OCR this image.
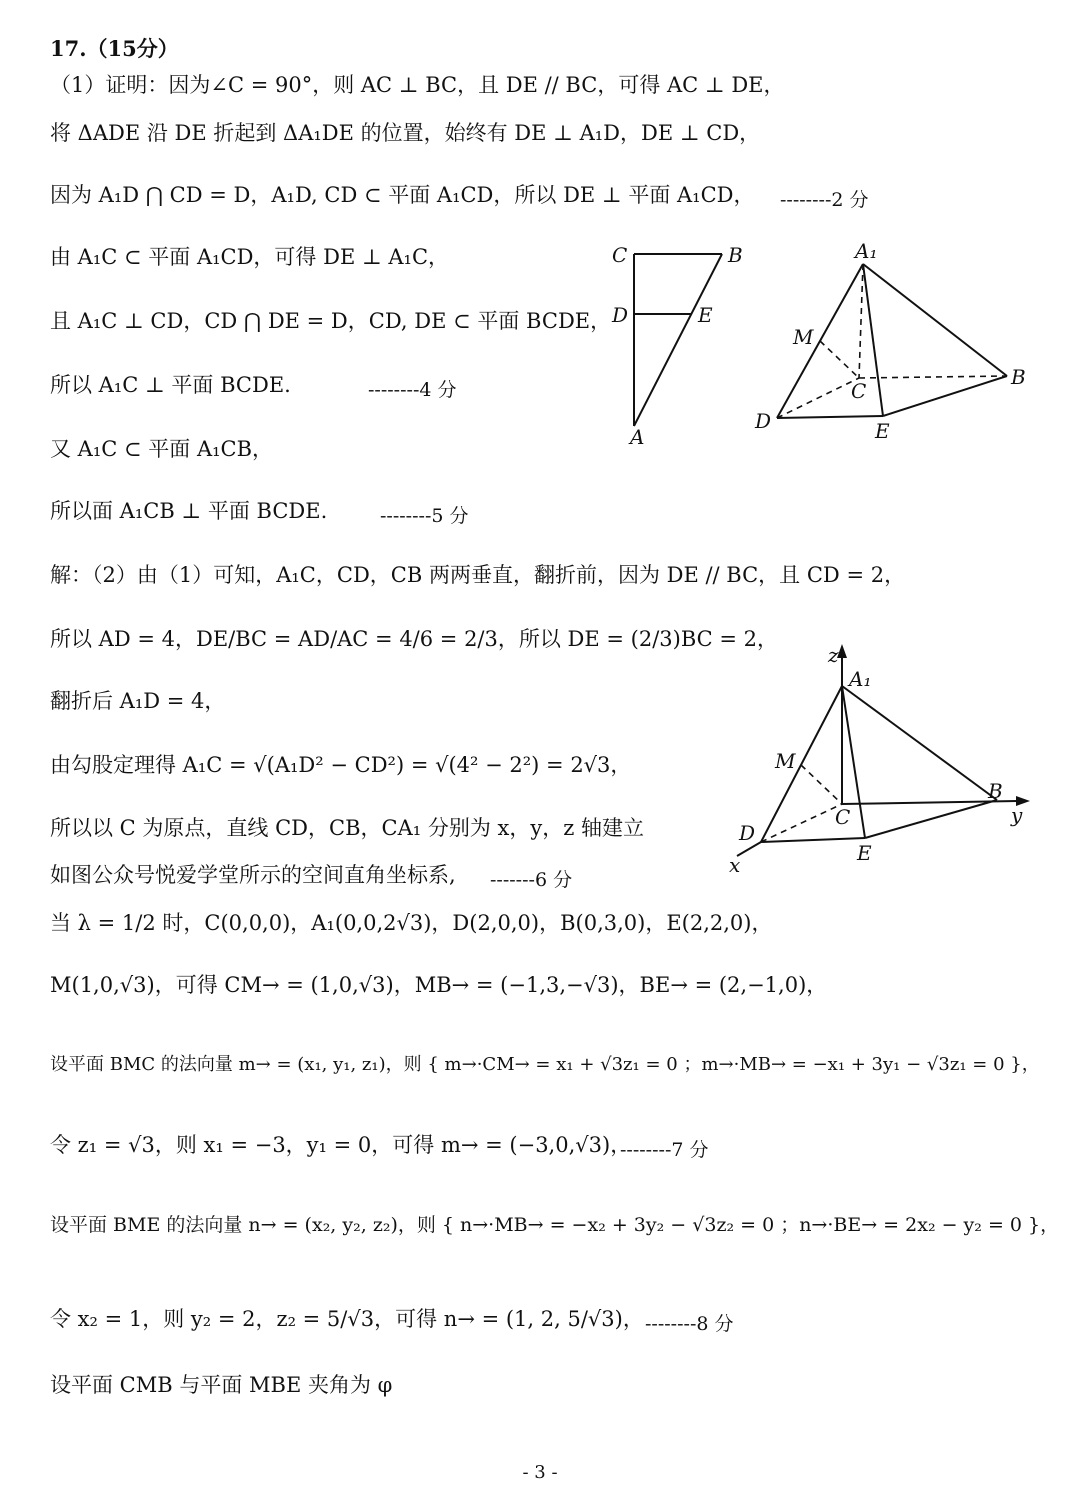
17.（15分）
（1）证明：因为∠C = 90°，则 AC ⊥ BC，且 DE // BC，可得 AC ⊥ DE，
将 ΔADE 沿 DE 折起到 ΔA₁DE 的位置，始终有 DE ⊥ A₁D，DE ⊥ CD，
因为 A₁D ⋂ CD = D，A₁D, CD ⊂ 平面 A₁CD，所以 DE ⊥ 平面 A₁CD， --------2 分
由 A₁C ⊂ 平面 A₁CD，可得 DE ⊥ A₁C，
且 A₁C ⊥ CD，CD ⋂ DE = D，CD, DE ⊂ 平面 BCDE，
所以 A₁C ⊥ 平面 BCDE.	--------4 分
又 A₁C ⊂ 平面 A₁CB，
所以面 A₁CB ⊥ 平面 BCDE.	--------5 分
解：（2）由（1）可知，A₁C，CD，CB 两两垂直，翻折前，因为 DE // BC，且 CD = 2，
所以 AD = 4，DE/BC = AD/AC = 4/6 = 2/3，所以 DE = (2/3)BC = 2，
翻折后 A₁D = 4，
由勾股定理得 A₁C = √(A₁D² − CD²) = √(4² − 2²) = 2√3，
所以以 C 为原点，直线 CD，CB，CA₁ 分别为 x，y，z 轴建立
如图公众号悦爱学堂所示的空间直角坐标系, -------6 分
当 λ = 1/2 时，C(0,0,0)，A₁(0,0,2√3)，D(2,0,0)，B(0,3,0)，E(2,2,0)，
M(1,0,√3)，可得 CM→ = (1,0,√3)，MB→ = (−1,3,−√3)，BE→ = (2,−1,0)，
设平面 BMC 的法向量 m→ = (x₁, y₁, z₁)，则 { m→·CM→ = x₁ + √3z₁ = 0 ；m→·MB→ = −x₁ + 3y₁ − √3z₁ = 0 }，
令 z₁ = √3，则 x₁ = −3，y₁ = 0，可得 m→ = (−3,0,√3)，
--------7 分
设平面 BME 的法向量 n→ = (x₂, y₂, z₂)，则 { n→·MB→ = −x₂ + 3y₂ − √3z₂ = 0 ；n→·BE→ = 2x₂ − y₂ = 0 }，
令 x₂ = 1，则 y₂ = 2，z₂ = 5/√3，可得 n→ = (1, 2, 5/√3)， --------8 分
设平面 CMB 与平面 MBE 夹角为 φ
C	B
D	E
A
A₁
M
C
B
D	E
z
y
x
A₁
M
C
B
D
E
- 3 -
